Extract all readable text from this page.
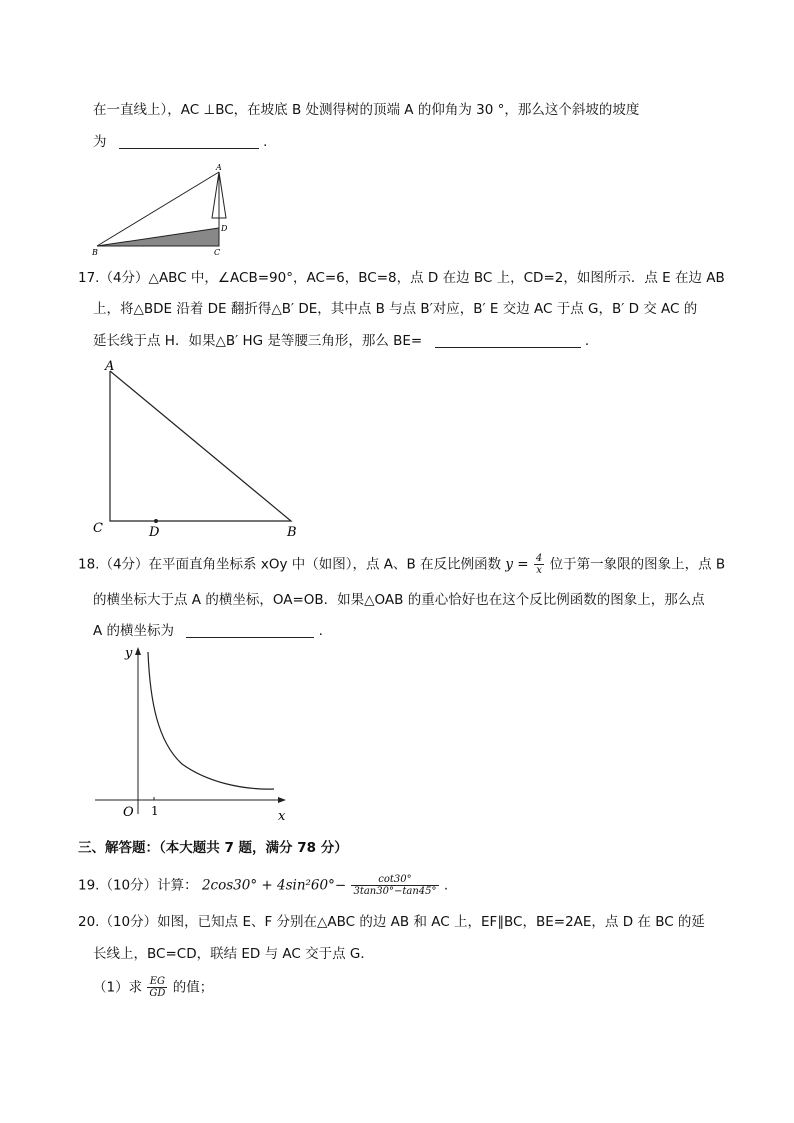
在一直线上），AC ⊥BC，在坡底 B 处测得树的顶端 A 的仰角为 30 °，那么这个斜坡的坡度
为	.
A
B	C
D
17.（4分）△ABC 中，∠ACB=90°，AC=6，BC=8，点 D 在边 BC 上，CD=2，如图所示．点 E 在边 AB
上，将△BDE 沿着 DE 翻折得△B′ DE，其中点 B 与点 B′对应，B′ E 交边 AC 于点 G，B′ D 交 AC 的
延长线于点 H．如果△B′ HG 是等腰三角形，那么 BE=	.
A
C	D	B
18.（4分）在平面直角坐标系 xOy 中（如图），点 A、B 在反比例函数 $y = \frac{4}{x}$ 位于第一象限的图象上，点 B
的横坐标大于点 A 的横坐标，OA=OB．如果△OAB 的重心恰好也在这个反比例函数的图象上，那么点
A 的横坐标为	.
y
x
O 1
三、解答题：（本大题共 7 题，满分 78 分）
19.（10分）计算： $2\cos 30^\circ + 4\sin^260^\circ- \frac{\cot 30^\circ}{3\tan 30^\circ-\tan 45^\circ}$ .
20.（10分）如图，已知点 E、F 分别在△ABC 的边 AB 和 AC 上，EF∥BC，BE=2AE，点 D 在 BC 的延
长线上，BC=CD，联结 ED 与 AC 交于点 G．
（1）求 $\frac{EG}{GD}$ 的值；
